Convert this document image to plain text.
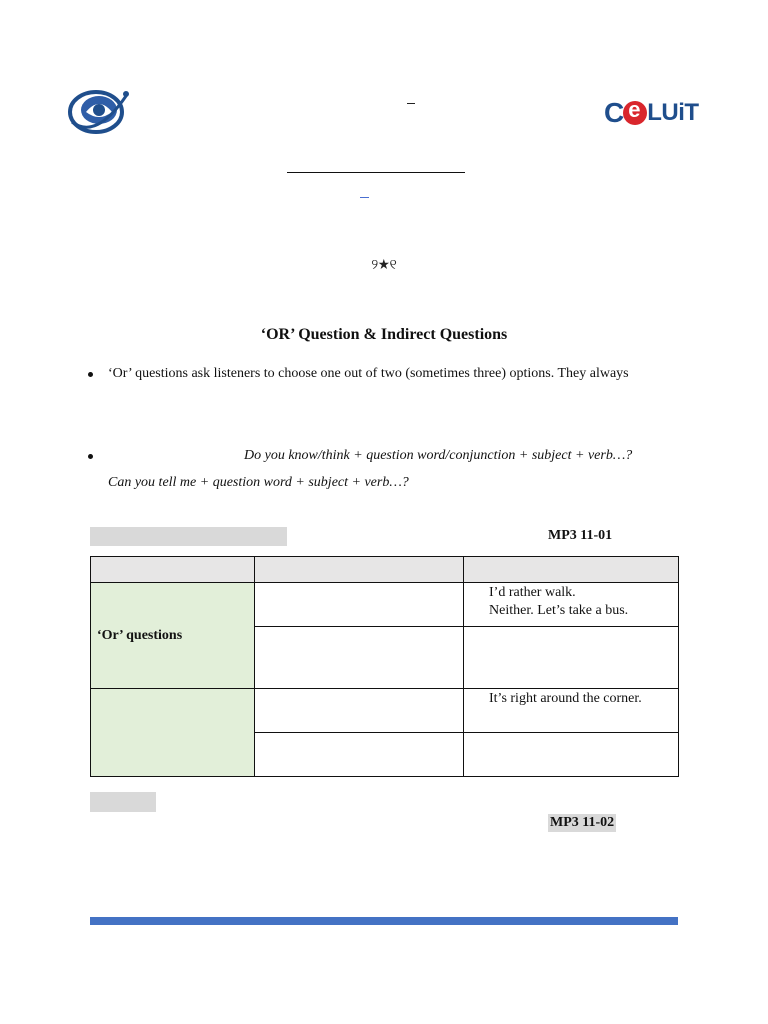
C e LUiT
୨★୧
‘OR’ Question & Indirect Questions
‘Or’ questions ask listeners to choose one out of two (sometimes three) options. They always
Do you know/think + question word/conjunction + subject + verb…?
Can you tell me + question word + subject + verb…?
MP3 11-01
‘Or’ questions
I’d rather walk.
Neither. Let’s take a bus.
It’s right around the corner.
MP3 11-02
